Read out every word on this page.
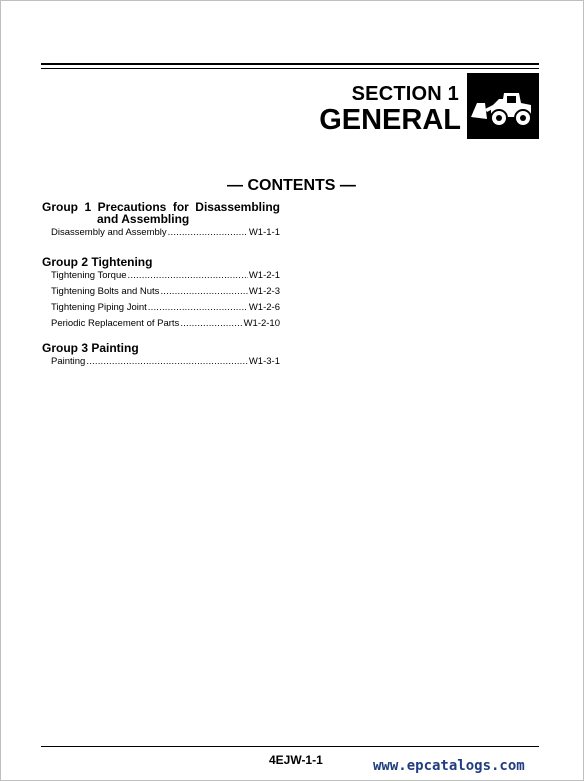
SECTION 1
GENERAL
— CONTENTS —

Group 1 Precautions for Disassembling

and Assembling

Disassembly and Assembly .....	W1-1-1

Group 2 Tightening

Tightening Torque .....	W1-2-1
Tightening Bolts and Nuts .....	W1-2-3
Tightening Piping Joint .....	W1-2-6
Periodic Replacement of Parts .....	W1-2-10

Group 3 Painting

Painting .....	W1-3-1
4EJW-1-1	www.epcatalogs.com
